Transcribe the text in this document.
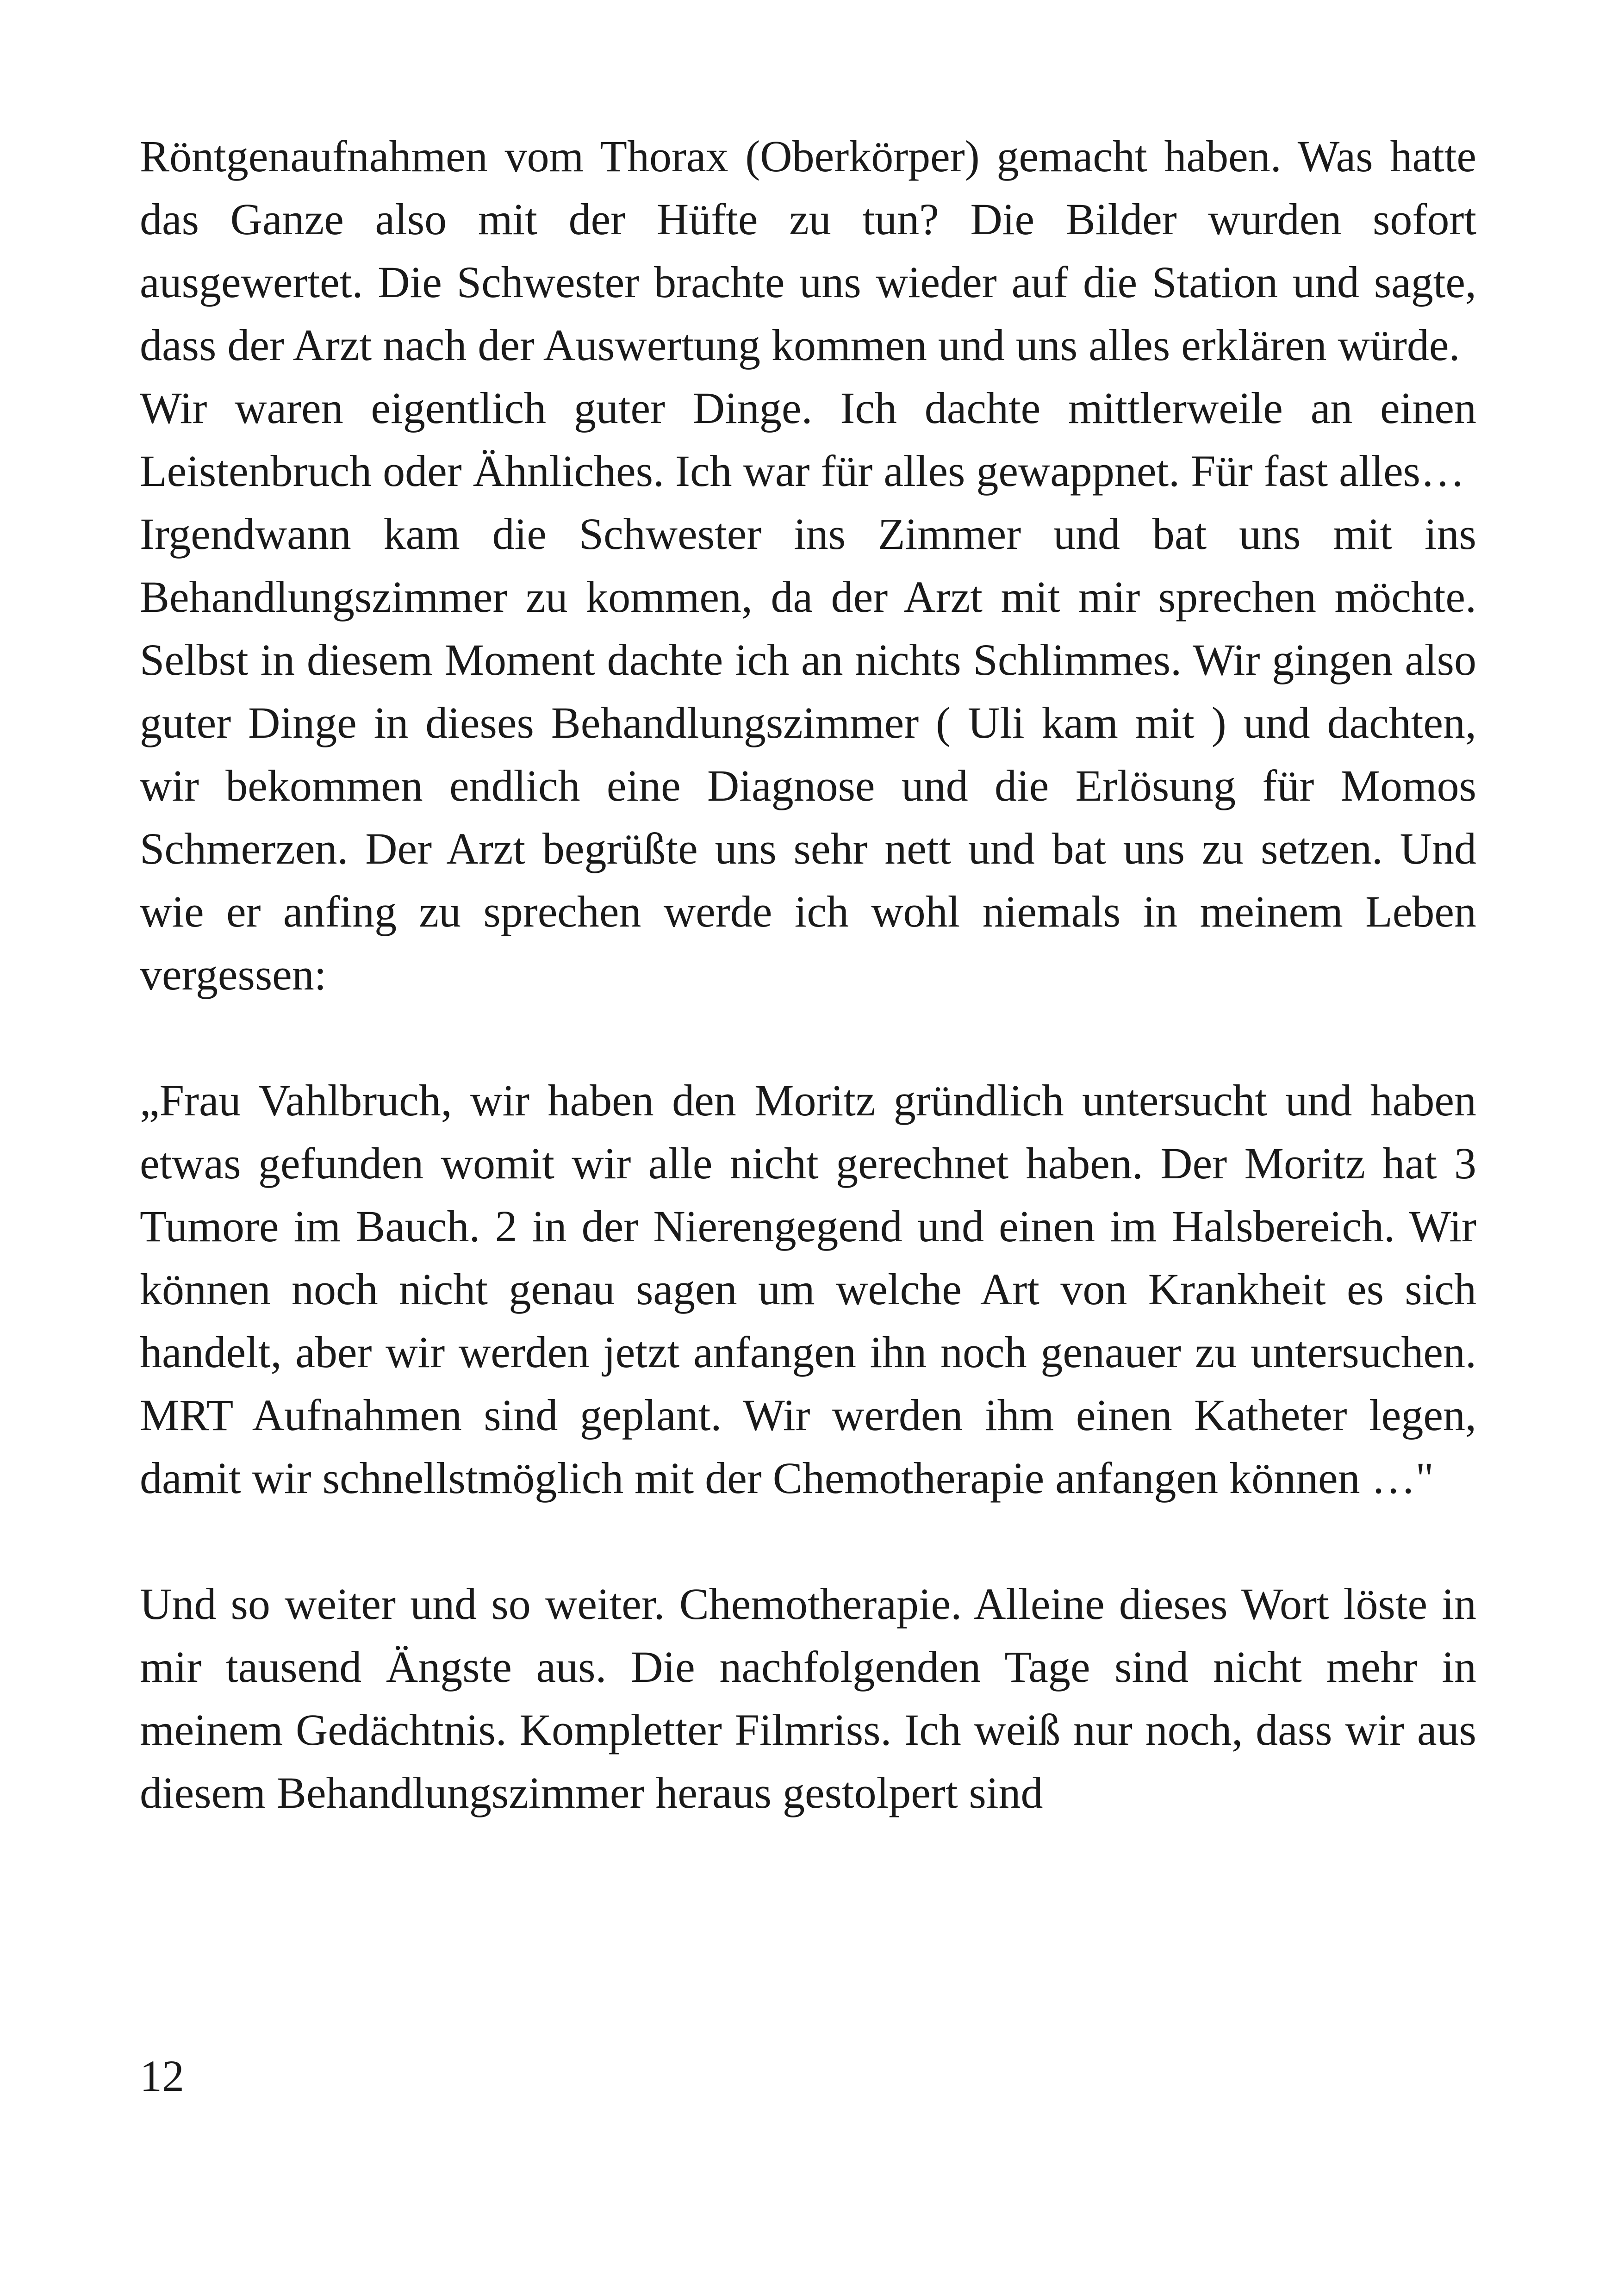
Röntgenaufnahmen vom Thorax (Oberkörper) gemacht haben. Was hatte das Ganze also mit der Hüfte zu tun? Die Bilder wurden sofort ausgewertet. Die Schwester brachte uns wieder auf die Station und sagte, dass der Arzt nach der Auswertung kommen und uns alles erklären würde.

Wir waren eigentlich guter Dinge. Ich dachte mittlerweile an einen Leistenbruch oder Ähnliches. Ich war für alles gewappnet. Für fast alles…

Irgendwann kam die Schwester ins Zimmer und bat uns mit ins Behandlungszimmer zu kommen, da der Arzt mit mir sprechen möchte. Selbst in diesem Moment dachte ich an nichts Schlimmes. Wir gingen also guter Dinge in dieses Behandlungszimmer ( Uli kam mit ) und dachten, wir bekommen endlich eine Diagnose und die Erlösung für Momos Schmerzen. Der Arzt begrüßte uns sehr nett und bat uns zu setzen. Und wie er anfing zu sprechen werde ich wohl niemals in meinem Leben vergessen:

„Frau Vahlbruch, wir haben den Moritz gründlich untersucht und haben etwas gefunden womit wir alle nicht gerechnet haben. Der Moritz hat 3 Tumore im Bauch. 2 in der Nierengegend und einen im Halsbereich. Wir können noch nicht genau sagen um welche Art von Krankheit es sich handelt, aber wir werden jetzt anfangen ihn noch genauer zu untersuchen. MRT Aufnahmen sind geplant. Wir werden ihm einen Katheter legen, damit wir schnellstmöglich mit der Chemotherapie anfangen können …"

Und so weiter und so weiter. Chemotherapie. Alleine dieses Wort löste in mir tausend Ängste aus. Die nachfolgenden Tage sind nicht mehr in meinem Gedächtnis. Kompletter Filmriss. Ich weiß nur noch, dass wir aus diesem Behandlungszimmer heraus gestolpert sind

12
